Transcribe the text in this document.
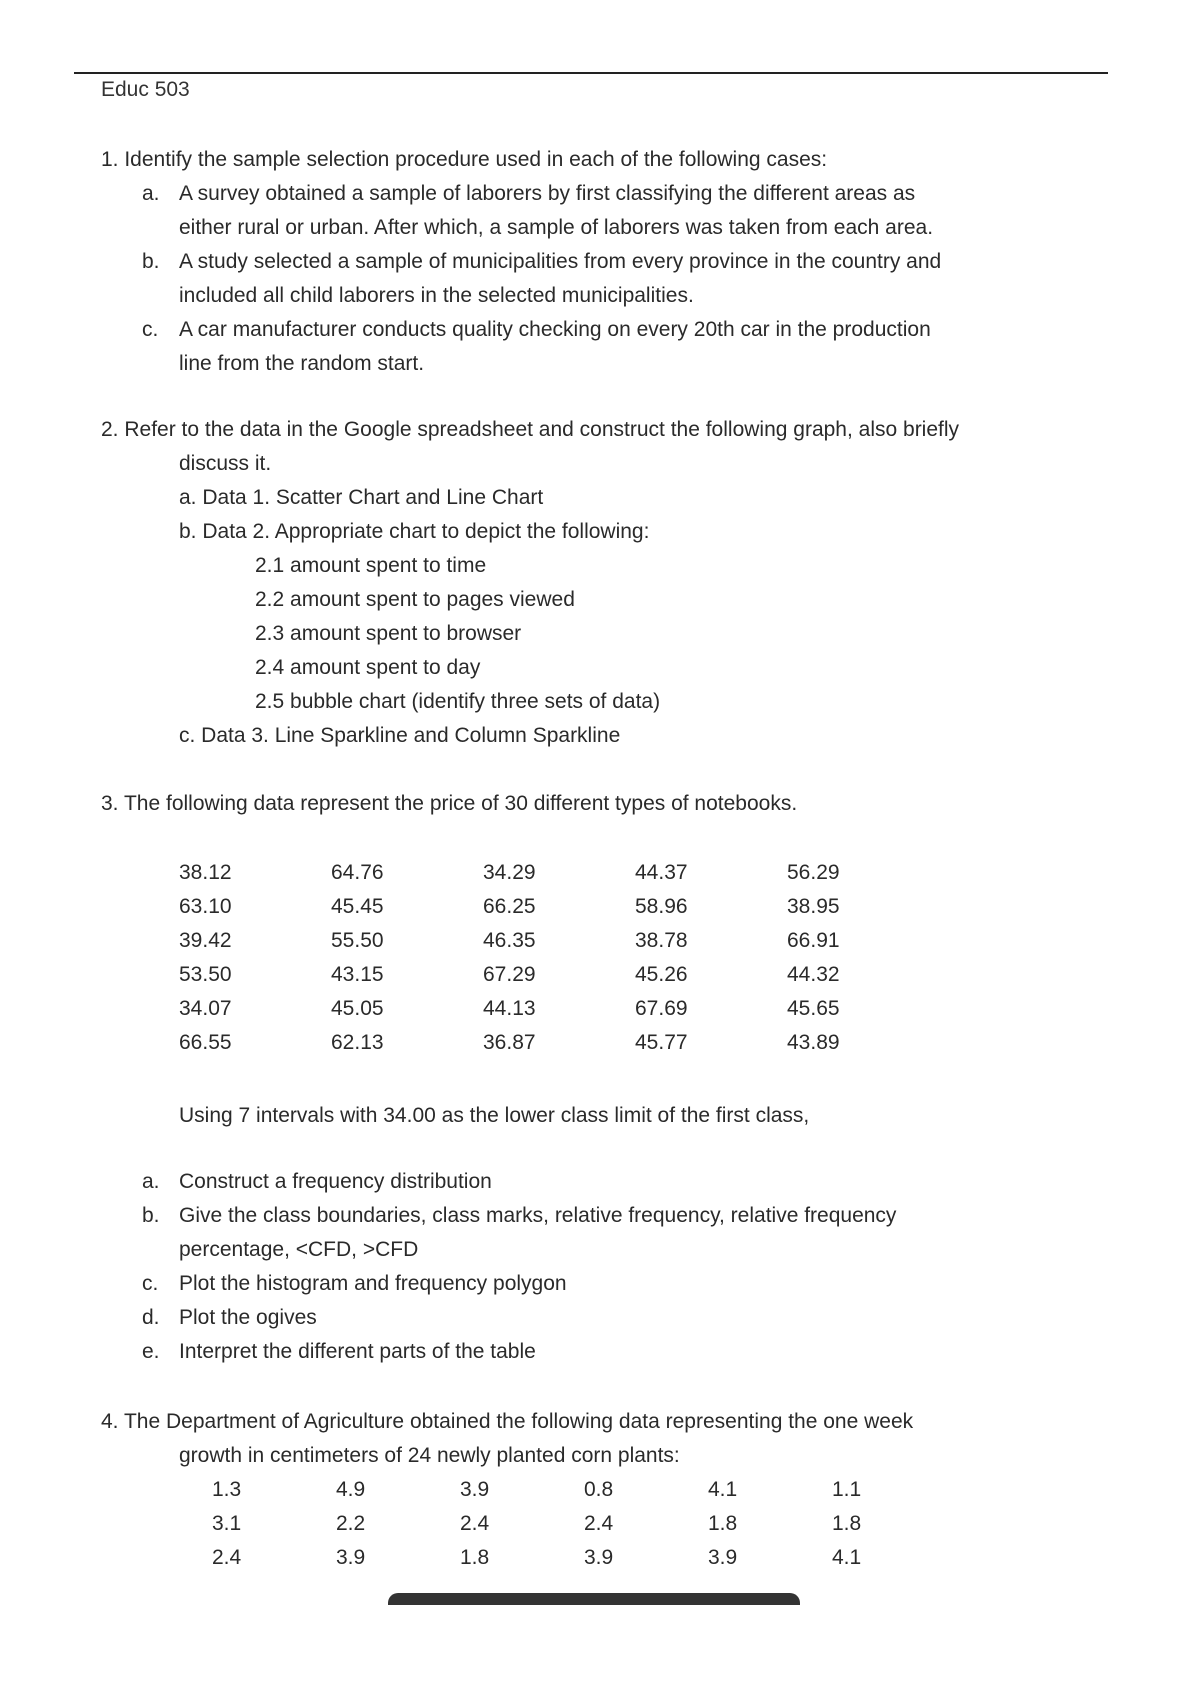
Educ 503
1. Identify the sample selection procedure used in each of the following cases:
a. A survey obtained a sample of laborers by first classifying the different areas as
either rural or urban. After which, a sample of laborers was taken from each area.
b. A study selected a sample of municipalities from every province in the country and
included all child laborers in the selected municipalities.
c. A car manufacturer conducts quality checking on every 20th car in the production
line from the random start.
2. Refer to the data in the Google spreadsheet and construct the following graph, also briefly
discuss it.
a. Data 1. Scatter Chart and Line Chart
b. Data 2. Appropriate chart to depict the following:
2.1 amount spent to time
2.2 amount spent to pages viewed
2.3 amount spent to browser
2.4 amount spent to day
2.5 bubble chart (identify three sets of data)
c. Data 3. Line Sparkline and Column Sparkline
3. The following data represent the price of 30 different types of notebooks.
38.12	64.76	34.29	44.37	56.29
63.10	45.45	66.25	58.96	38.95
39.42	55.50	46.35	38.78	66.91
53.50	43.15	67.29	45.26	44.32
34.07	45.05	44.13	67.69	45.65
66.55	62.13	36.87	45.77	43.89
Using 7 intervals with 34.00 as the lower class limit of the first class,
a. Construct a frequency distribution
b. Give the class boundaries, class marks, relative frequency, relative frequency
percentage, <CFD, >CFD
c. Plot the histogram and frequency polygon
d. Plot the ogives
e. Interpret the different parts of the table
4. The Department of Agriculture obtained the following data representing the one week
growth in centimeters of 24 newly planted corn plants:
1.3	4.9	3.9	0.8	4.1	1.1
3.1	2.2	2.4	2.4	1.8	1.8
2.4	3.9	1.8	3.9	3.9	4.1
